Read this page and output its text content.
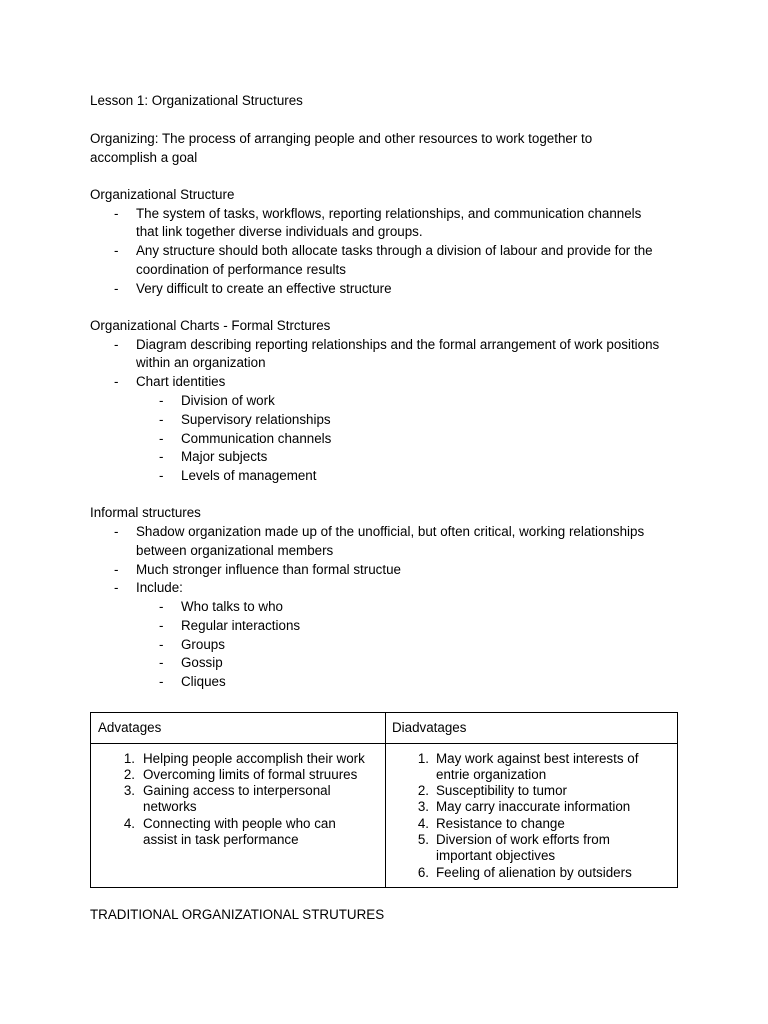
Lesson 1: Organizational Structures
Organizing: The process of arranging people and other resources to work together to
accomplish a goal
Organizational Structure
- The system of tasks, workflows, reporting relationships, and communication channels
that link together diverse individuals and groups.
- Any structure should both allocate tasks through a division of labour and provide for the
coordination of performance results
- Very difficult to create an effective structure
Organizational Charts - Formal Strctures
- Diagram describing reporting relationships and the formal arrangement of work positions
within an organization
- Chart identities
- Division of work
- Supervisory relationships
- Communication channels
- Major subjects
- Levels of management
Informal structures
- Shadow organization made up of the unofficial, but often critical, working relationships
between organizational members
- Much stronger influence than formal structue
- Include:
- Who talks to who
- Regular interactions
- Groups
- Gossip
- Cliques
Advatages	Diadvatages
1. Helping people accomplish their work
2. Overcoming limits of formal struures
3. Gaining access to interpersonal
networks
4. Connecting with people who can
assist in task performance
1. May work against best interests of
entrie organization
2. Susceptibility to tumor
3. May carry inaccurate information
4. Resistance to change
5. Diversion of work efforts from
important objectives
6. Feeling of alienation by outsiders
TRADITIONAL ORGANIZATIONAL STRUTURES
